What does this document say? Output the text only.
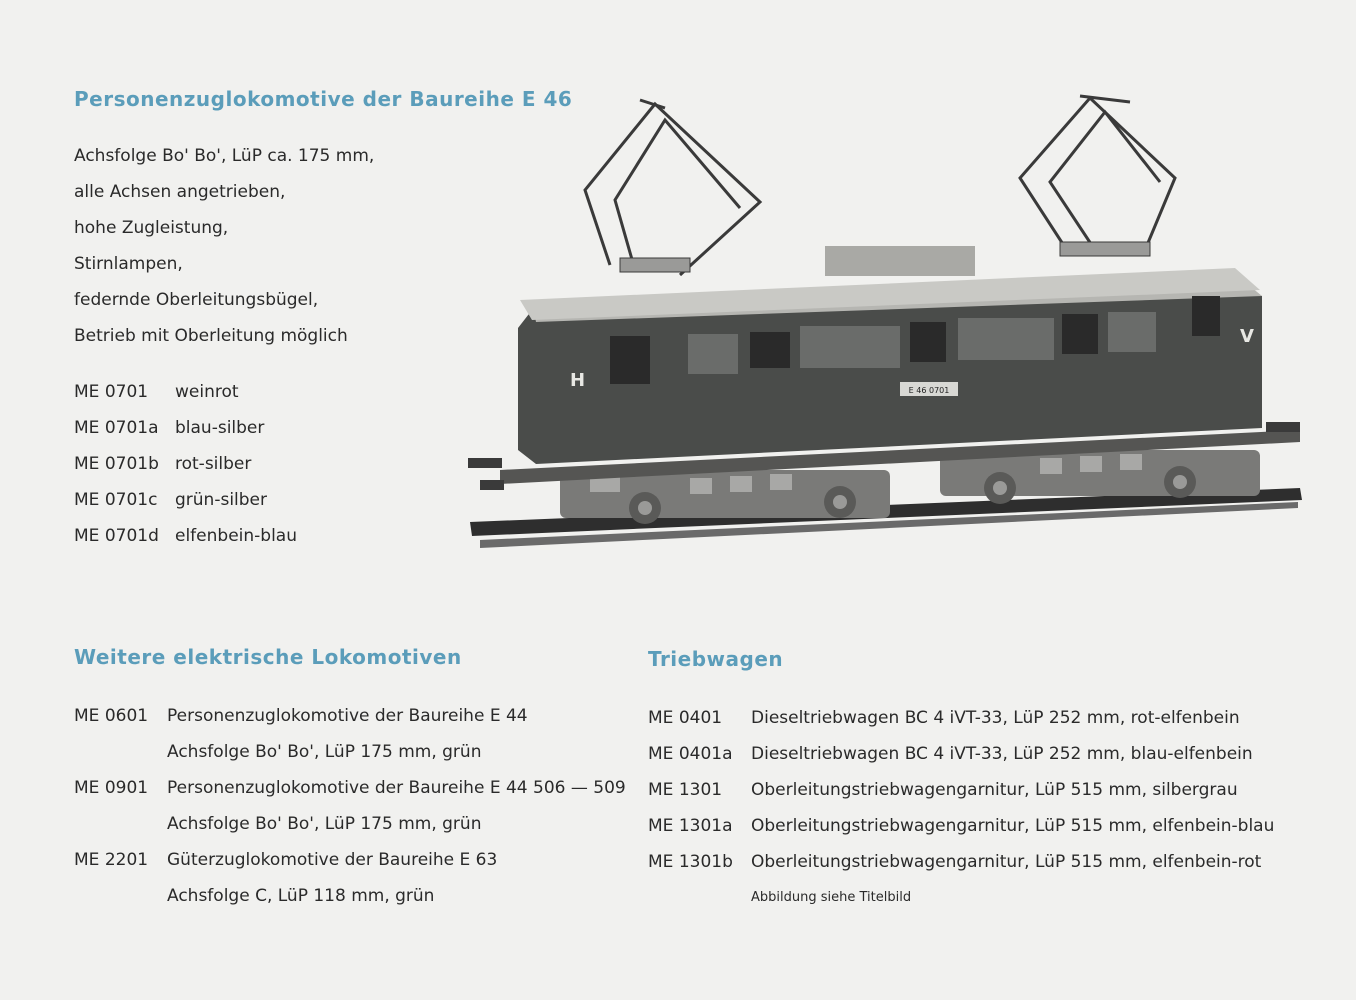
Personenzuglokomotive der Baureihe E 46
Achsfolge Bo' Bo', LüP ca. 175 mm,
alle Achsen angetrieben,
hohe Zugleistung,
Stirnlampen,
federnde Oberleitungsbügel,
Betrieb mit Oberleitung möglich
ME 0701 weinrot
ME 0701a blau-silber
ME 0701b rot-silber
ME 0701c grün-silber
ME 0701d elfenbein-blau
E 46 0701
H
V
Weitere elektrische Lokomotiven
ME 0601 Personenzuglokomotive der Baureihe E 44
Achsfolge Bo' Bo', LüP 175 mm, grün
ME 0901 Personenzuglokomotive der Baureihe E 44 506 — 509
Achsfolge Bo' Bo', LüP 175 mm, grün
ME 2201 Güterzuglokomotive der Baureihe E 63
Achsfolge C, LüP 118 mm, grün
Triebwagen
ME 0401 Dieseltriebwagen BC 4 iVT-33, LüP 252 mm, rot-elfenbein
ME 0401a Dieseltriebwagen BC 4 iVT-33, LüP 252 mm, blau-elfenbein
ME 1301 Oberleitungstriebwagengarnitur, LüP 515 mm, silbergrau
ME 1301a Oberleitungstriebwagengarnitur, LüP 515 mm, elfenbein-blau
ME 1301b Oberleitungstriebwagengarnitur, LüP 515 mm, elfenbein-rot
Abbildung siehe Titelbild
